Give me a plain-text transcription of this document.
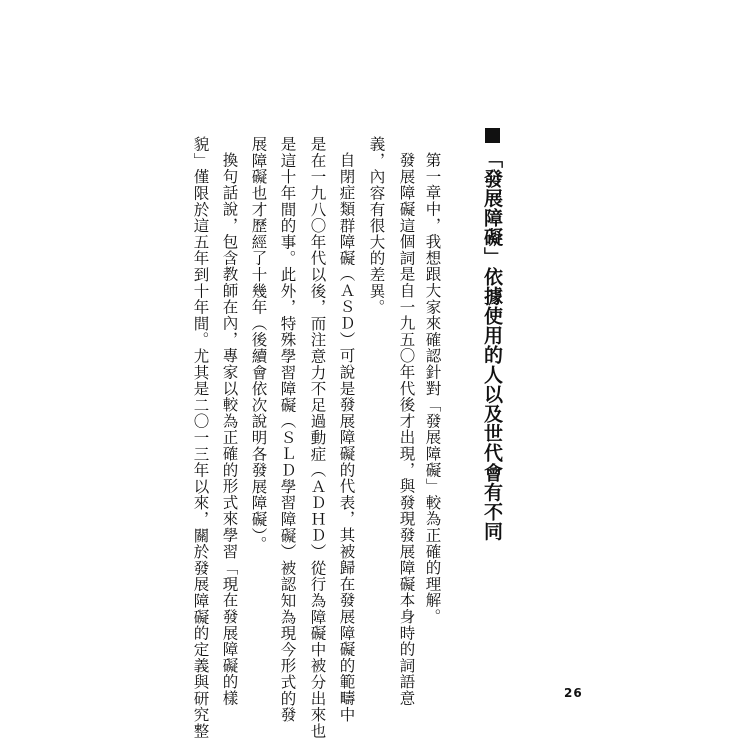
「發展障礙」依據使用的人以及世代會有不同
第一章中，我想跟大家來確認針對「發展障礙」較為正確的理解。
發展障礙這個詞是自一九五〇年代後才出現，與發現發展障礙本身時的詞語意
義，內容有很大的差異。
自閉症類群障礙（ＡＳＤ）可說是發展障礙的代表，其被歸在發展障礙的範疇中
是在一九八〇年代以後，而注意力不足過動症（ＡＤＨＤ）從行為障礙中被分出來也
是這十年間的事。此外，特殊學習障礙（ＳＬＤ學習障礙）被認知為現今形式的發
展障礙也才歷經了十幾年（後續會依次說明各發展障礙）。
換句話說，包含教師在內，專家以較為正確的形式來學習「現在發展障礙的樣
貌」僅限於這五年到十年間。尤其是二〇一三年以來，關於發展障礙的定義與研究整	26
